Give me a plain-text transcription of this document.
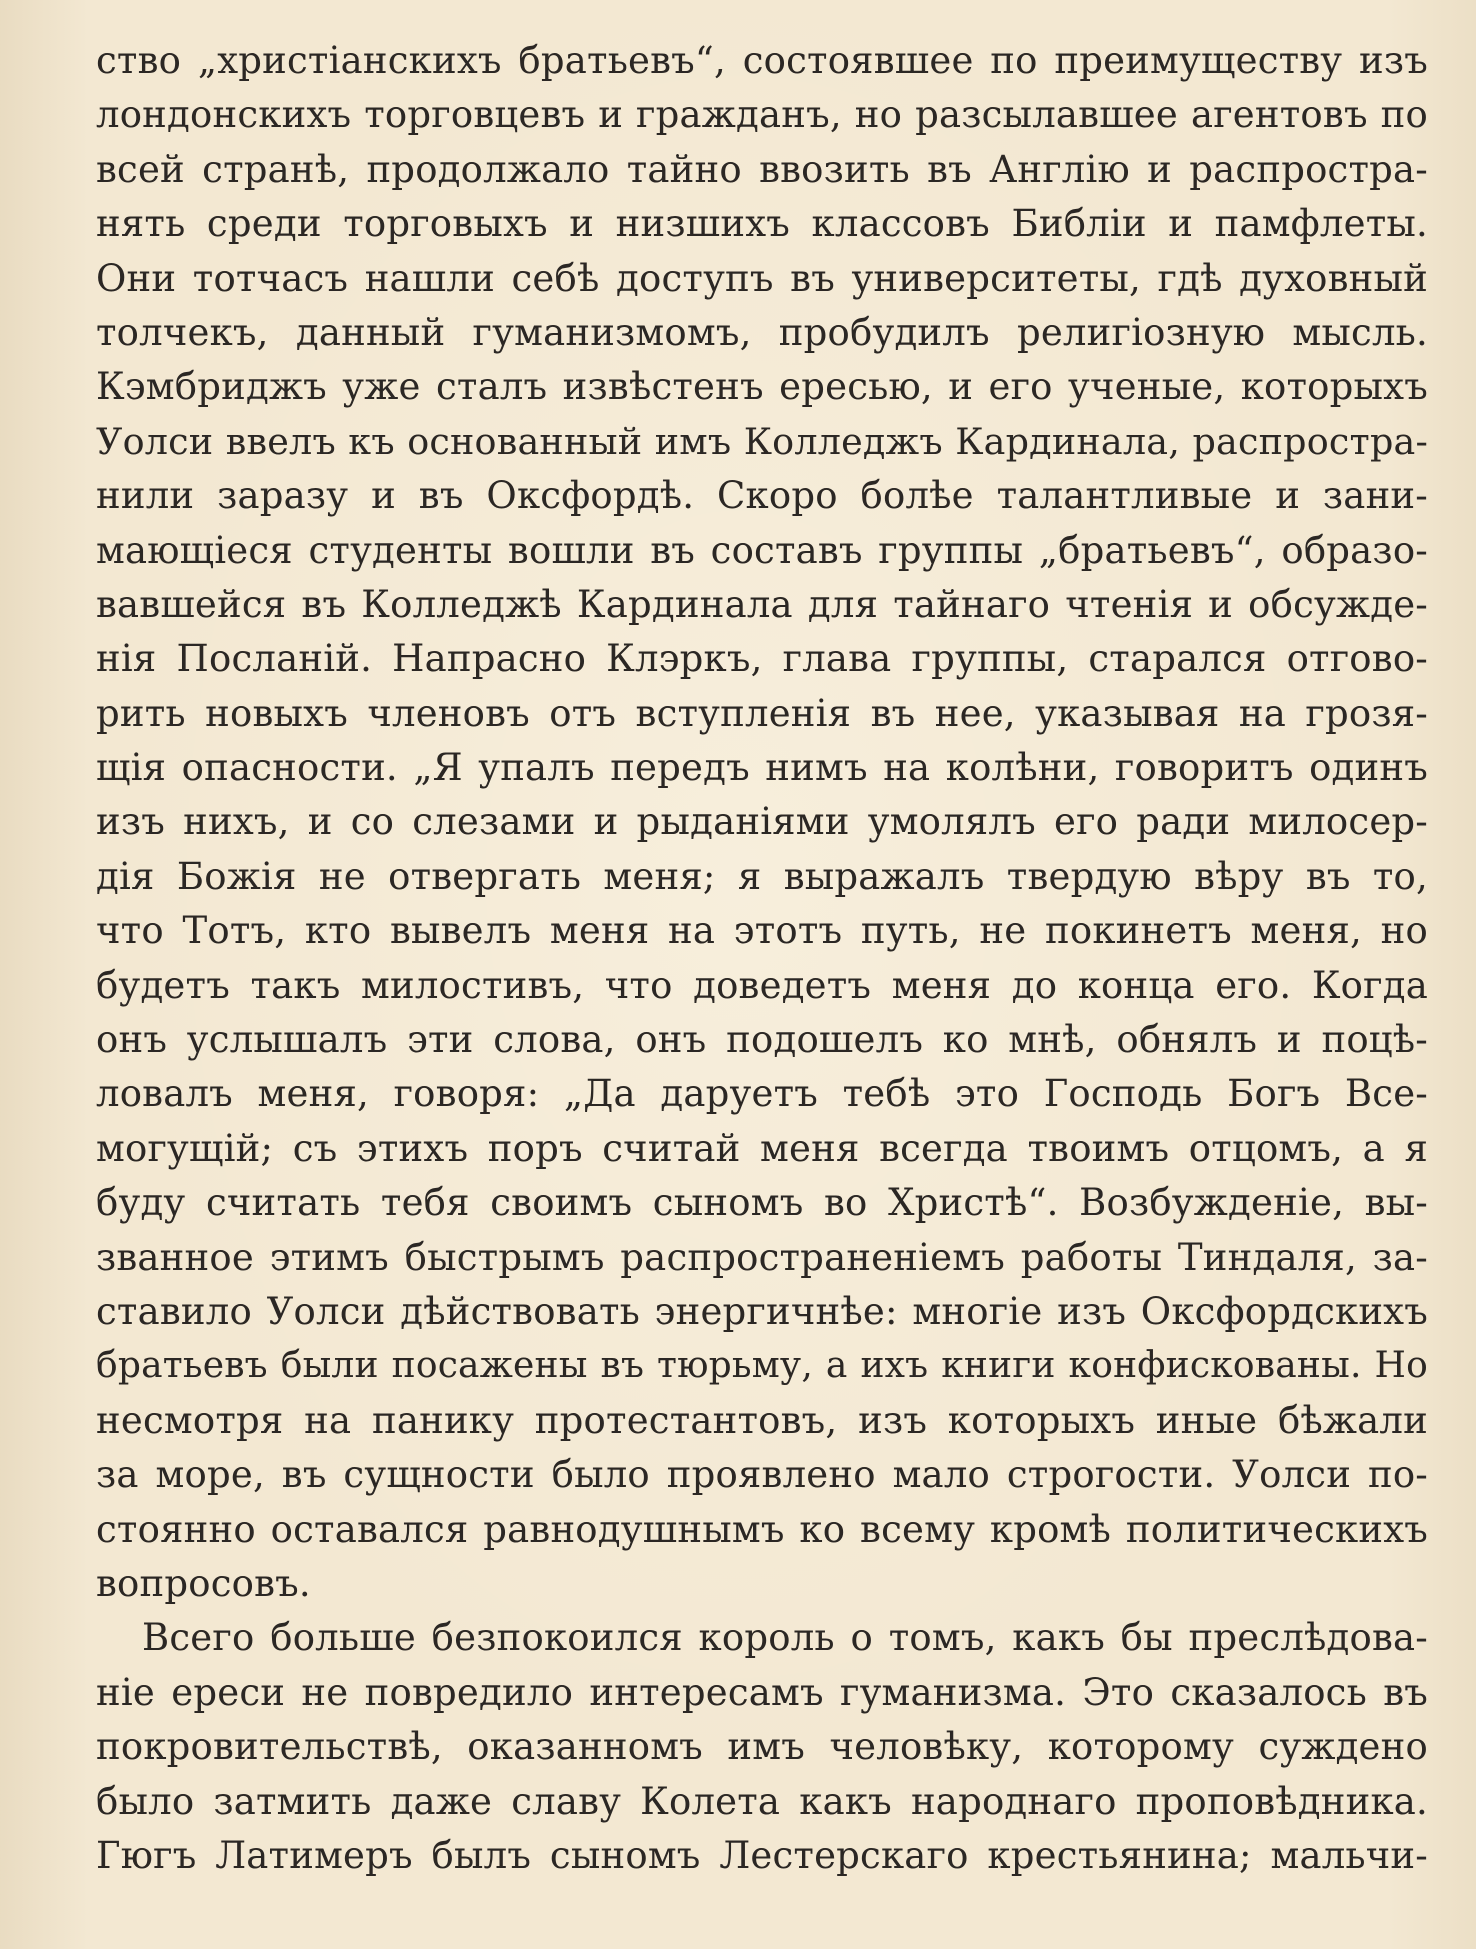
ство „христіанскихъ братьевъ“, состоявшее по преимуществу изъ
лондонскихъ торговцевъ и гражданъ, но разсылавшее агентовъ по
всей странѣ, продолжало тайно ввозить въ Англію и распростра-
нять среди торговыхъ и низшихъ классовъ Библіи и памфлеты.
Они тотчасъ нашли себѣ доступъ въ университеты, гдѣ духовный
толчекъ, данный гуманизмомъ, пробудилъ религіозную мысль.
Кэмбриджъ уже сталъ извѣстенъ ересью, и его ученые, которыхъ
Уолси ввелъ къ основанный имъ Колледжъ Кардинала, распростра-
нили заразу и въ Оксфордѣ. Скоро болѣе талантливые и зани-
мающіеся студенты вошли въ составъ группы „братьевъ“, образо-
вавшейся въ Колледжѣ Кардинала для тайнаго чтенія и обсужде-
нія Посланій. Напрасно Клэркъ, глава группы, старался отгово-
рить новыхъ членовъ отъ вступленія въ нее, указывая на грозя-
щія опасности. „Я упалъ передъ нимъ на колѣни, говоритъ одинъ
изъ нихъ, и со слезами и рыданіями умолялъ его ради милосер-
дія Божія не отвергать меня; я выражалъ твердую вѣру въ то,
что Тотъ, кто вывелъ меня на этотъ путь, не покинетъ меня, но
будетъ такъ милостивъ, что доведетъ меня до конца его. Когда
онъ услышалъ эти слова, онъ подошелъ ко мнѣ, обнялъ и поцѣ-
ловалъ меня, говоря: „Да даруетъ тебѣ это Господь Богъ Все-
могущій; съ этихъ поръ считай меня всегда твоимъ отцомъ, а я
буду считать тебя своимъ сыномъ во Христѣ“. Возбужденіе, вы-
званное этимъ быстрымъ распространеніемъ работы Тиндаля, за-
ставило Уолси дѣйствовать энергичнѣе: многіе изъ Оксфордскихъ
братьевъ были посажены въ тюрьму, а ихъ книги конфискованы. Но
несмотря на панику протестантовъ, изъ которыхъ иные бѣжали
за море, въ сущности было проявлено мало строгости. Уолси по-
стоянно оставался равнодушнымъ ко всему кромѣ политическихъ
вопросовъ.
Всего больше безпокоился король о томъ, какъ бы преслѣдова-
ніе ереси не повредило интересамъ гуманизма. Это сказалось въ
покровительствѣ, оказанномъ имъ человѣку, которому суждено
было затмить даже славу Колета какъ народнаго проповѣдника.
Гюгъ Латимеръ былъ сыномъ Лестерскаго крестьянина; мальчи-
